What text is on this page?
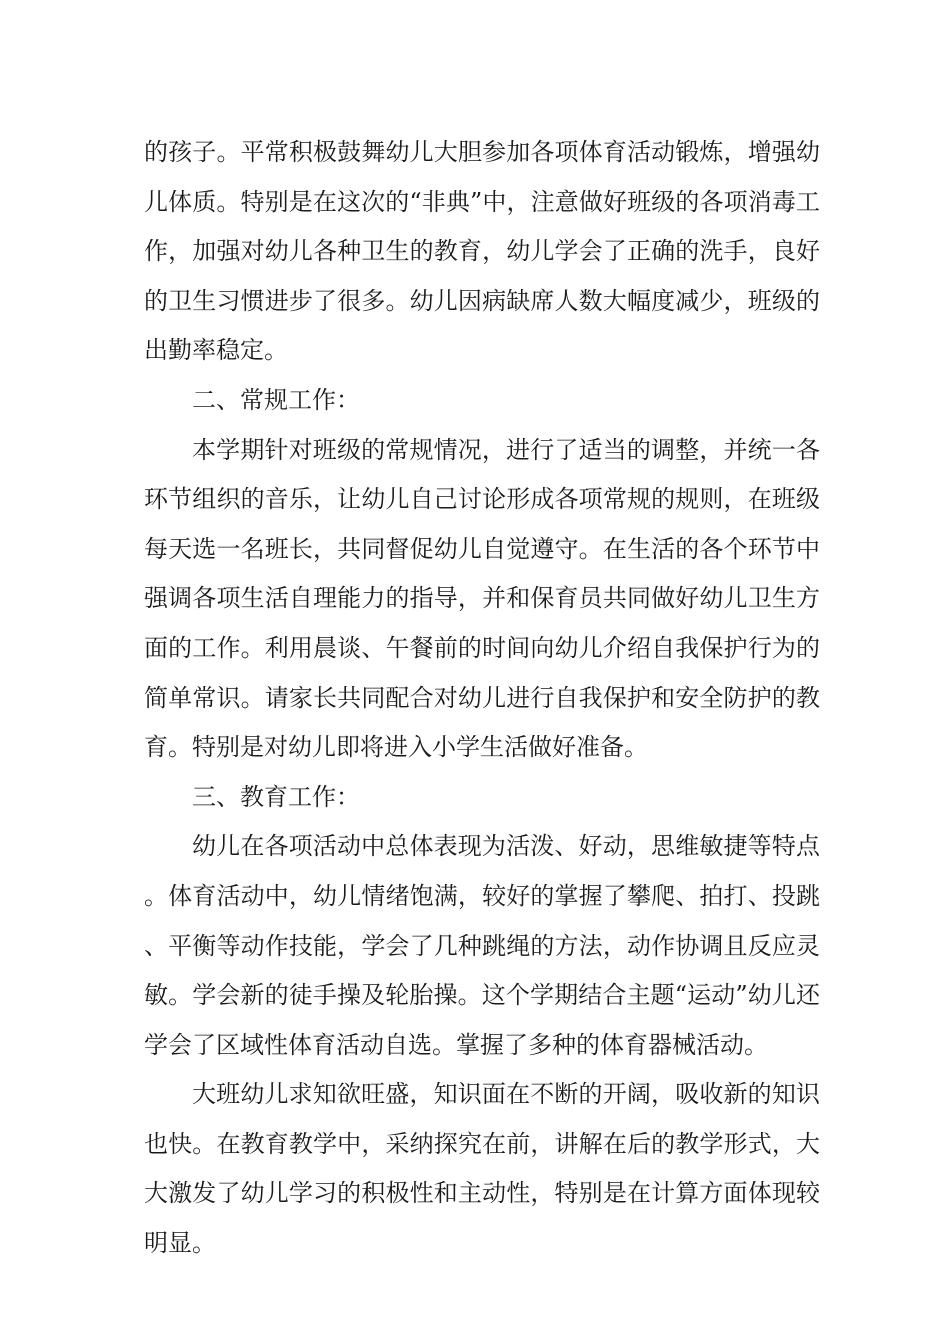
的孩子。平常积极鼓舞幼儿大胆参加各项体育活动锻炼，增强幼儿体质。特别是在这次的“非典”中，注意做好班级的各项消毒工作，加强对幼儿各种卫生的教育，幼儿学会了正确的洗手，良好的卫生习惯进步了很多。幼儿因病缺席人数大幅度减少，班级的出勤率稳定。

二、常规工作：

本学期针对班级的常规情况，进行了适当的调整，并统一各环节组织的音乐，让幼儿自己讨论形成各项常规的规则，在班级每天选一名班长，共同督促幼儿自觉遵守。在生活的各个环节中强调各项生活自理能力的指导，并和保育员共同做好幼儿卫生方面的工作。利用晨谈、午餐前的时间向幼儿介绍自我保护行为的简单常识。请家长共同配合对幼儿进行自我保护和安全防护的教育。特别是对幼儿即将进入小学生活做好准备。

三、教育工作：

幼儿在各项活动中总体表现为活泼、好动，思维敏捷等特点。体育活动中，幼儿情绪饱满，较好的掌握了攀爬、拍打、投跳、平衡等动作技能，学会了几种跳绳的方法，动作协调且反应灵敏。学会新的徒手操及轮胎操。这个学期结合主题“运动”幼儿还学会了区域性体育活动自选。掌握了多种的体育器械活动。

大班幼儿求知欲旺盛，知识面在不断的开阔，吸收新的知识也快。在教育教学中，采纳探究在前，讲解在后的教学形式，大大激发了幼儿学习的积极性和主动性，特别是在计算方面体现较明显。
